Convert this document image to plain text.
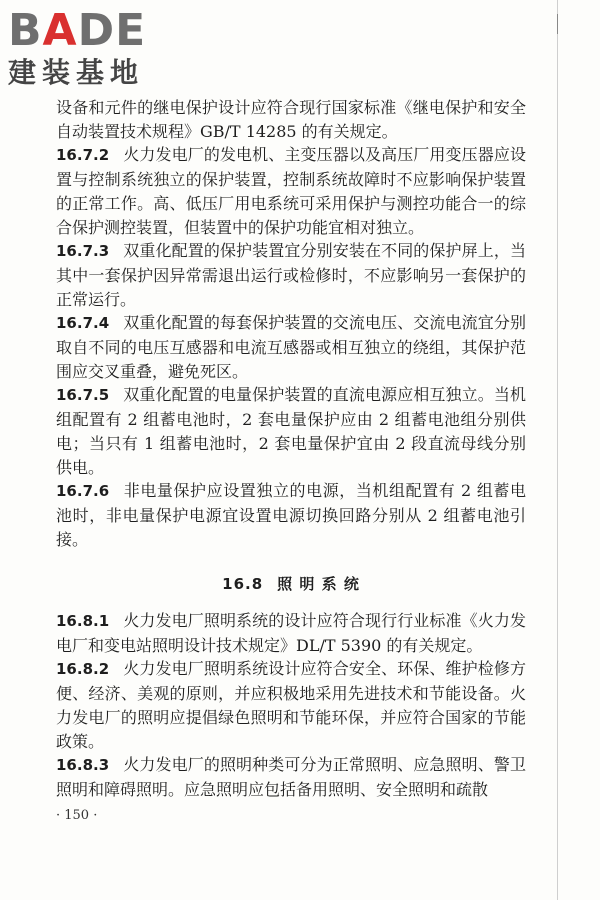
BADE
建装基地

设备和元件的继电保护设计应符合现行国家标准《继电保护和安全自动装置技术规程》GB/T 14285 的有关规定。

16.7.2 火力发电厂的发电机、主变压器以及高压厂用变压器应设置与控制系统独立的保护装置，控制系统故障时不应影响保护装置的正常工作。高、低压厂用电系统可采用保护与测控功能合一的综合保护测控装置，但装置中的保护功能宜相对独立。

16.7.3 双重化配置的保护装置宜分别安装在不同的保护屏上，当其中一套保护因异常需退出运行或检修时，不应影响另一套保护的正常运行。

16.7.4 双重化配置的每套保护装置的交流电压、交流电流宜分别取自不同的电压互感器和电流互感器或相互独立的绕组，其保护范围应交叉重叠，避免死区。

16.7.5 双重化配置的电量保护装置的直流电源应相互独立。当机组配置有 2 组蓄电池时，2 套电量保护应由 2 组蓄电池组分别供电；当只有 1 组蓄电池时，2 套电量保护宜由 2 段直流母线分别供电。

16.7.6 非电量保护应设置独立的电源，当机组配置有 2 组蓄电池时，非电量保护电源宜设置电源切换回路分别从 2 组蓄电池引接。

16.8 照 明 系 统

16.8.1 火力发电厂照明系统的设计应符合现行行业标准《火力发电厂和变电站照明设计技术规定》DL/T 5390 的有关规定。

16.8.2 火力发电厂照明系统设计应符合安全、环保、维护检修方便、经济、美观的原则，并应积极地采用先进技术和节能设备。火力发电厂的照明应提倡绿色照明和节能环保，并应符合国家的节能政策。

16.8.3 火力发电厂的照明种类可分为正常照明、应急照明、警卫照明和障碍照明。应急照明应包括备用照明、安全照明和疏散

· 150 ·
